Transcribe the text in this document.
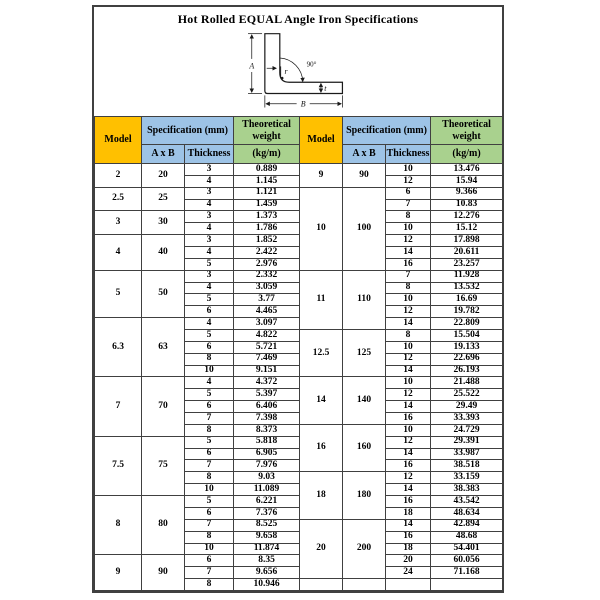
Hot Rolled EQUAL Angle Iron Specifications
A
B
90°
r
t
Model	Specification (mm)		Theoretical weight	Model	Specification (mm)		Theoretical weight
	A x B	Thickness	(kg/m)		A x B	Thickness	(kg/m)
2	20	3	0.889	9	90	10	13.476
		4	1.145			12	15.94
2.5	25	3	1.121	10	100	6	9.366
		4	1.459			7	10.83
3	30	3	1.373			8	12.276
		4	1.786			10	15.12
4	40	3	1.852			12	17.898
		4	2.422			14	20.611
		5	2.976			16	23.257
5	50	3	2.332	11	110	7	11.928
		4	3.059			8	13.532
		5	3.77			10	16.69
		6	4.465			12	19.782
6.3	63	4	3.097			14	22.809
		5	4.822	12.5	125	8	15.504
		6	5.721			10	19.133
		8	7.469			12	22.696
		10	9.151			14	26.193
7	70	4	4.372	14	140	10	21.488
		5	5.397			12	25.522
		6	6.406			14	29.49
		7	7.398			16	33.393
		8	8.373	16	160	10	24.729
7.5	75	5	5.818			12	29.391
		6	6.905			14	33.987
		7	7.976			16	38.518
		8	9.03	18	180	12	33.159
		10	11.089			14	38.383
8	80	5	6.221			16	43.542
		6	7.376			18	48.634
		7	8.525	20	200	14	42.894
		8	9.658			16	48.68
		10	11.874			18	54.401
9	90	6	8.35			20	60.056
		7	9.656			24	71.168
		8	10.946				
